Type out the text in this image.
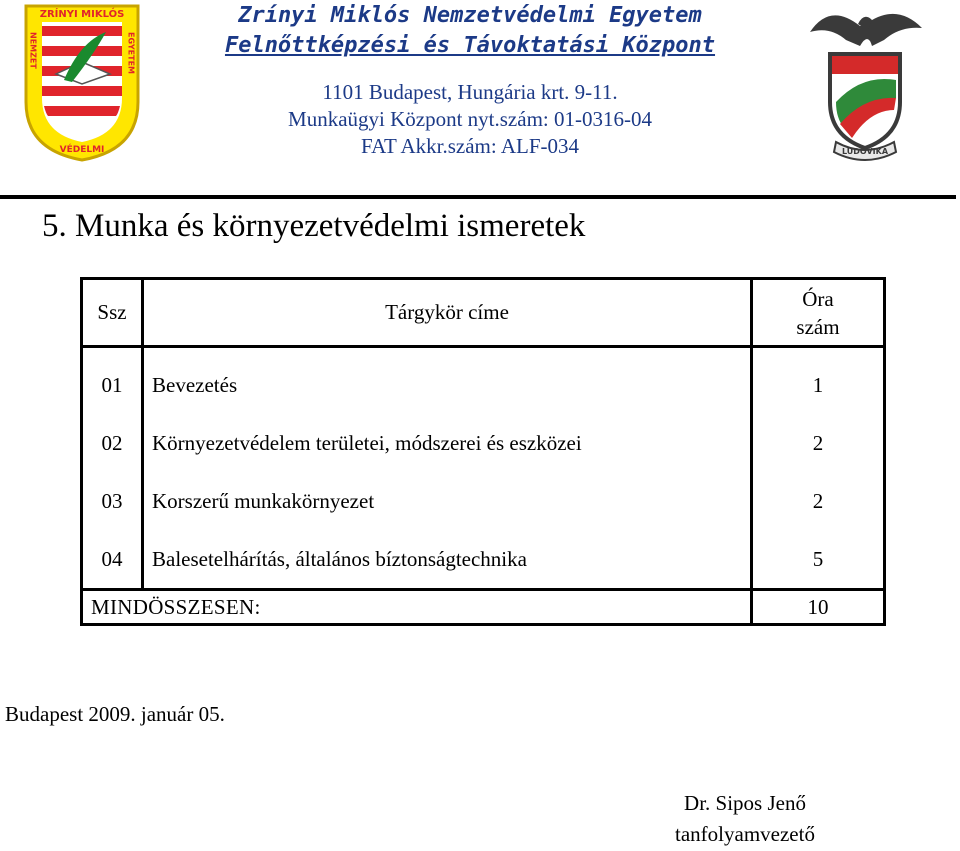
ZRÍNYI MIKLÓS
NEMZET	EGYETEM
VÉDELMI
Zrínyi Miklós Nemzetvédelmi Egyetem
Felnőttképzési és Távoktatási Központ
1101 Budapest, Hungária krt. 9-11.
Munkaügyi Központ nyt.szám: 01-0316-04
FAT Akkr.szám: ALF-034	LUDOVIKA
5. Munka és környezetvédelmi ismeretek
Ssz	Tárgykör címe	Óra
szám
01	Bevezetés	1
02	Környezetvédelem területei, módszerei és eszközei	2
03	Korszerű munkakörnyezet	2
04	Balesetelhárítás, általános bíztonságtechnika	5
MINDÖSSZESEN:		10
Budapest 2009. január 05.
Dr. Sipos Jenő
tanfolyamvezető
